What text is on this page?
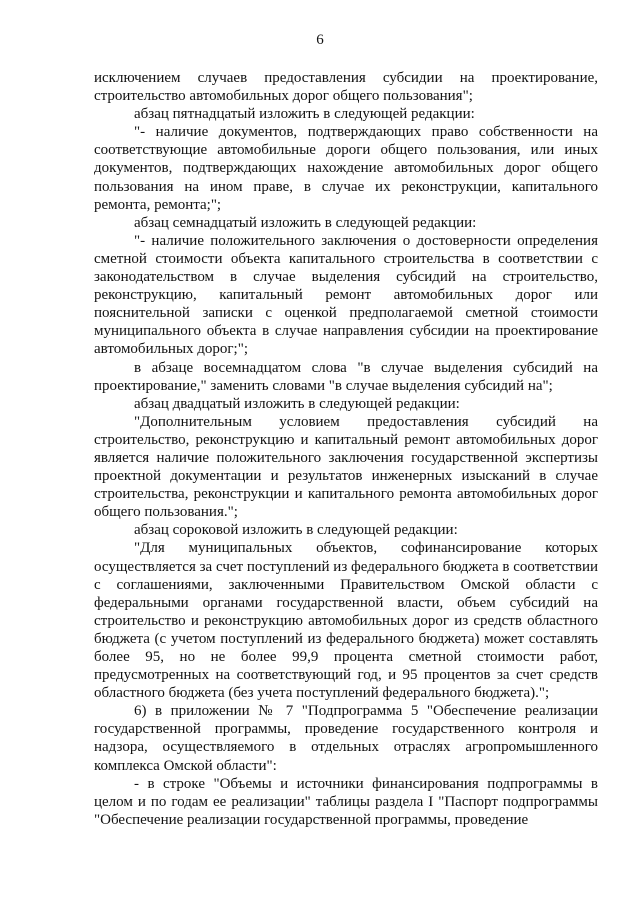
6

исключением случаев предоставления субсидии на проектирование, строительство автомобильных дорог общего пользования";

абзац пятнадцатый изложить в следующей редакции:

"- наличие документов, подтверждающих право собственности на соответствующие автомобильные дороги общего пользования, или иных документов, подтверждающих нахождение автомобильных дорог общего пользования на ином праве, в случае их реконструкции, капитального ремонта, ремонта;";

абзац семнадцатый изложить в следующей редакции:

"- наличие положительного заключения о достоверности определения сметной стоимости объекта капитального строительства в соответствии с законодательством в случае выделения субсидий на строительство, реконструкцию, капитальный ремонт автомобильных дорог или пояснительной записки с оценкой предполагаемой сметной стоимости муниципального объекта в случае направления субсидии на проектирование автомобильных дорог;";

в абзаце восемнадцатом слова "в случае выделения субсидий на проектирование," заменить словами "в случае выделения субсидий на";

абзац двадцатый изложить в следующей редакции:

"Дополнительным условием предоставления субсидий на строительство, реконструкцию и капитальный ремонт автомобильных дорог является наличие положительного заключения государственной экспертизы проектной документации и результатов инженерных изысканий в случае строительства, реконструкции и капитального ремонта автомобильных дорог общего пользования.";

абзац сороковой изложить в следующей редакции:

"Для муниципальных объектов, софинансирование которых осуществляется за счет поступлений из федерального бюджета в соответствии с соглашениями, заключенными Правительством Омской области с федеральными органами государственной власти, объем субсидий на строительство и реконструкцию автомобильных дорог из средств областного бюджета (с учетом поступлений из федерального бюджета) может составлять более 95, но не более 99,9 процента сметной стоимости работ, предусмотренных на соответствующий год, и 95 процентов за счет средств областного бюджета (без учета поступлений федерального бюджета).";

6) в приложении № 7 "Подпрограмма 5 "Обеспечение реализации государственной программы, проведение государственного контроля и надзора, осуществляемого в отдельных отраслях агропромышленного комплекса Омской области":

- в строке "Объемы и источники финансирования подпрограммы в целом и по годам ее реализации" таблицы раздела I "Паспорт подпрограммы "Обеспечение реализации государственной программы, проведение
